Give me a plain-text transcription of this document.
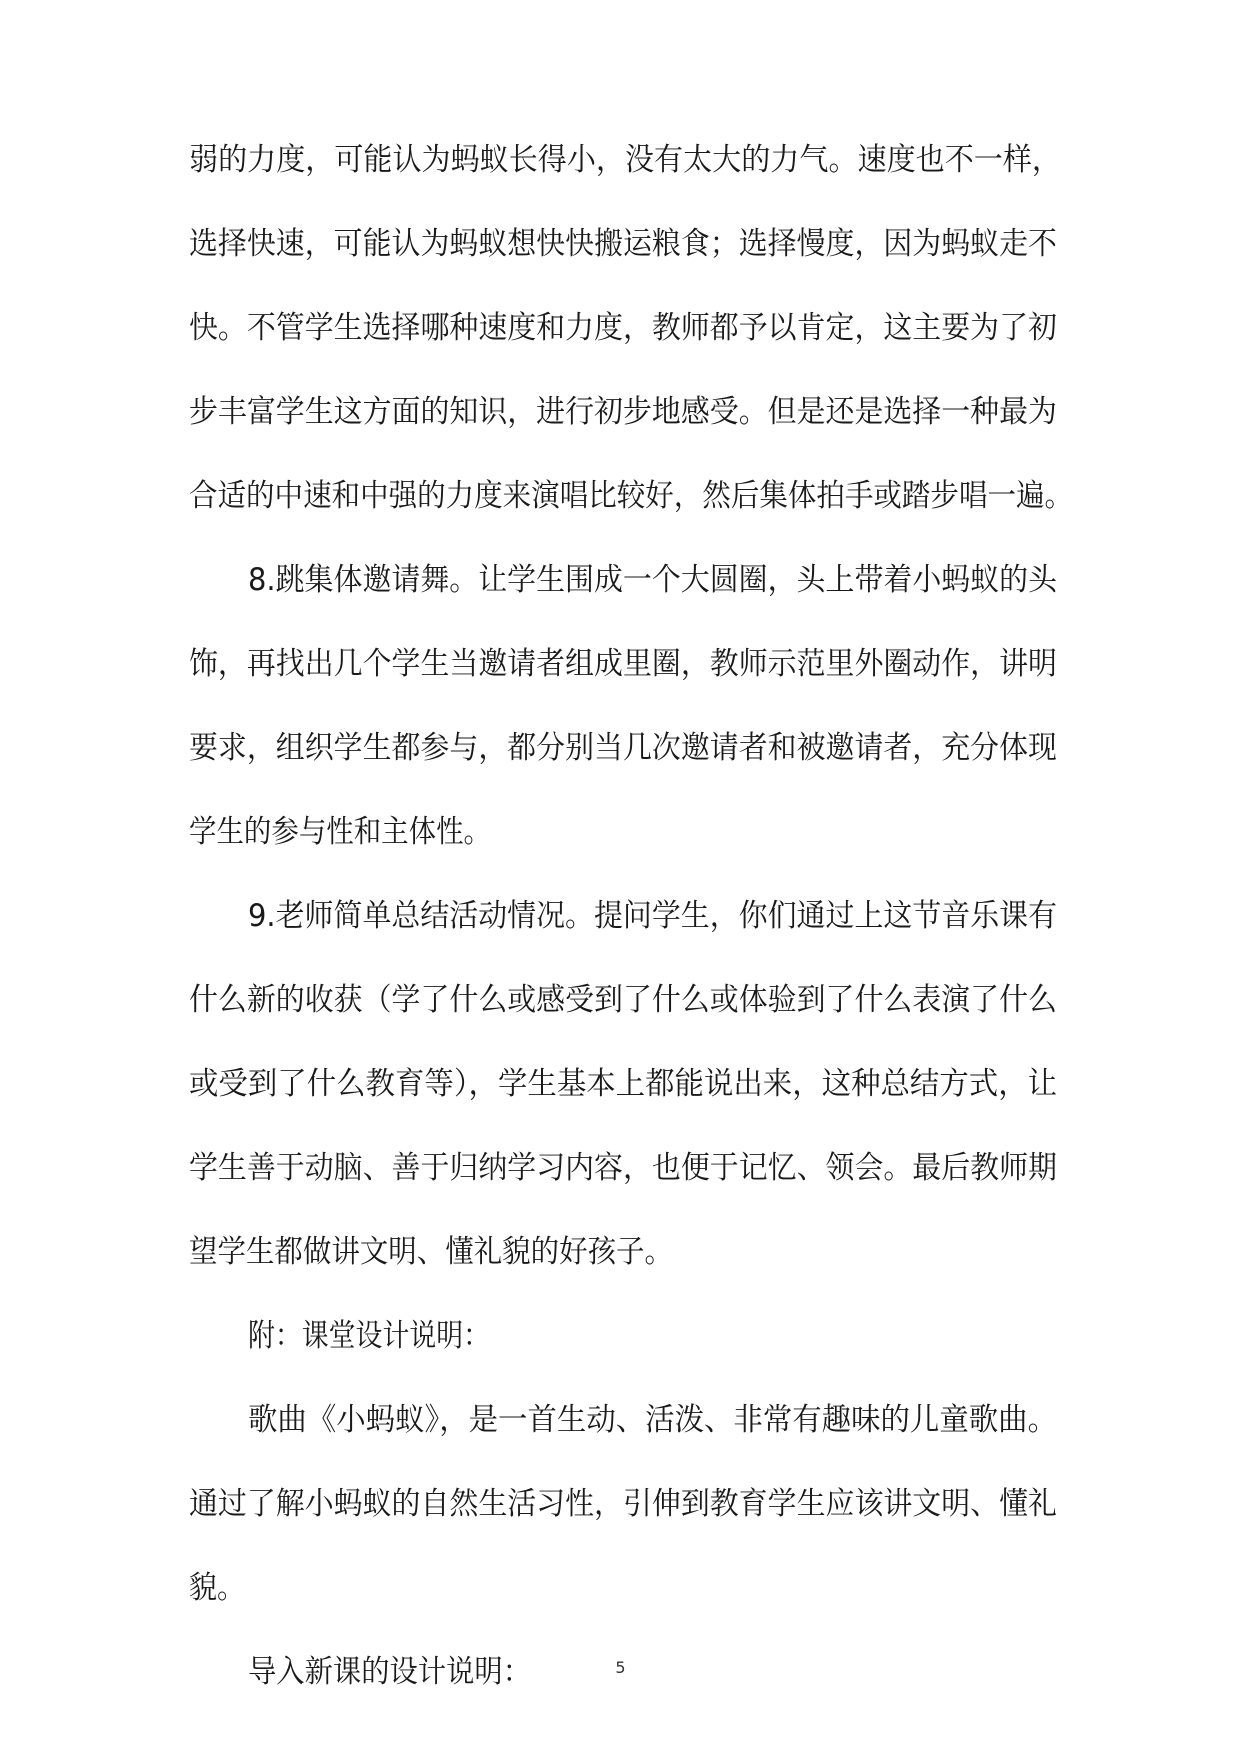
弱的力度，可能认为蚂蚁长得小，没有太大的力气。速度也不一样，
选择快速，可能认为蚂蚁想快快搬运粮食；选择慢度，因为蚂蚁走不
快。不管学生选择哪种速度和力度，教师都予以肯定，这主要为了初
步丰富学生这方面的知识，进行初步地感受。但是还是选择一种最为
合适的中速和中强的力度来演唱比较好，然后集体拍手或踏步唱一遍。
8.跳集体邀请舞。让学生围成一个大圆圈，头上带着小蚂蚁的头
饰，再找出几个学生当邀请者组成里圈，教师示范里外圈动作，讲明
要求，组织学生都参与，都分别当几次邀请者和被邀请者，充分体现
学生的参与性和主体性。
9.老师简单总结活动情况。提问学生，你们通过上这节音乐课有
什么新的收获（学了什么或感受到了什么或体验到了什么表演了什么
或受到了什么教育等），学生基本上都能说出来，这种总结方式，让
学生善于动脑、善于归纳学习内容，也便于记忆、领会。最后教师期
望学生都做讲文明、懂礼貌的好孩子。
附：课堂设计说明：
歌曲《小蚂蚁》，是一首生动、活泼、非常有趣味的儿童歌曲。
通过了解小蚂蚁的自然生活习性，引伸到教育学生应该讲文明、懂礼
貌。
导入新课的设计说明：	5
